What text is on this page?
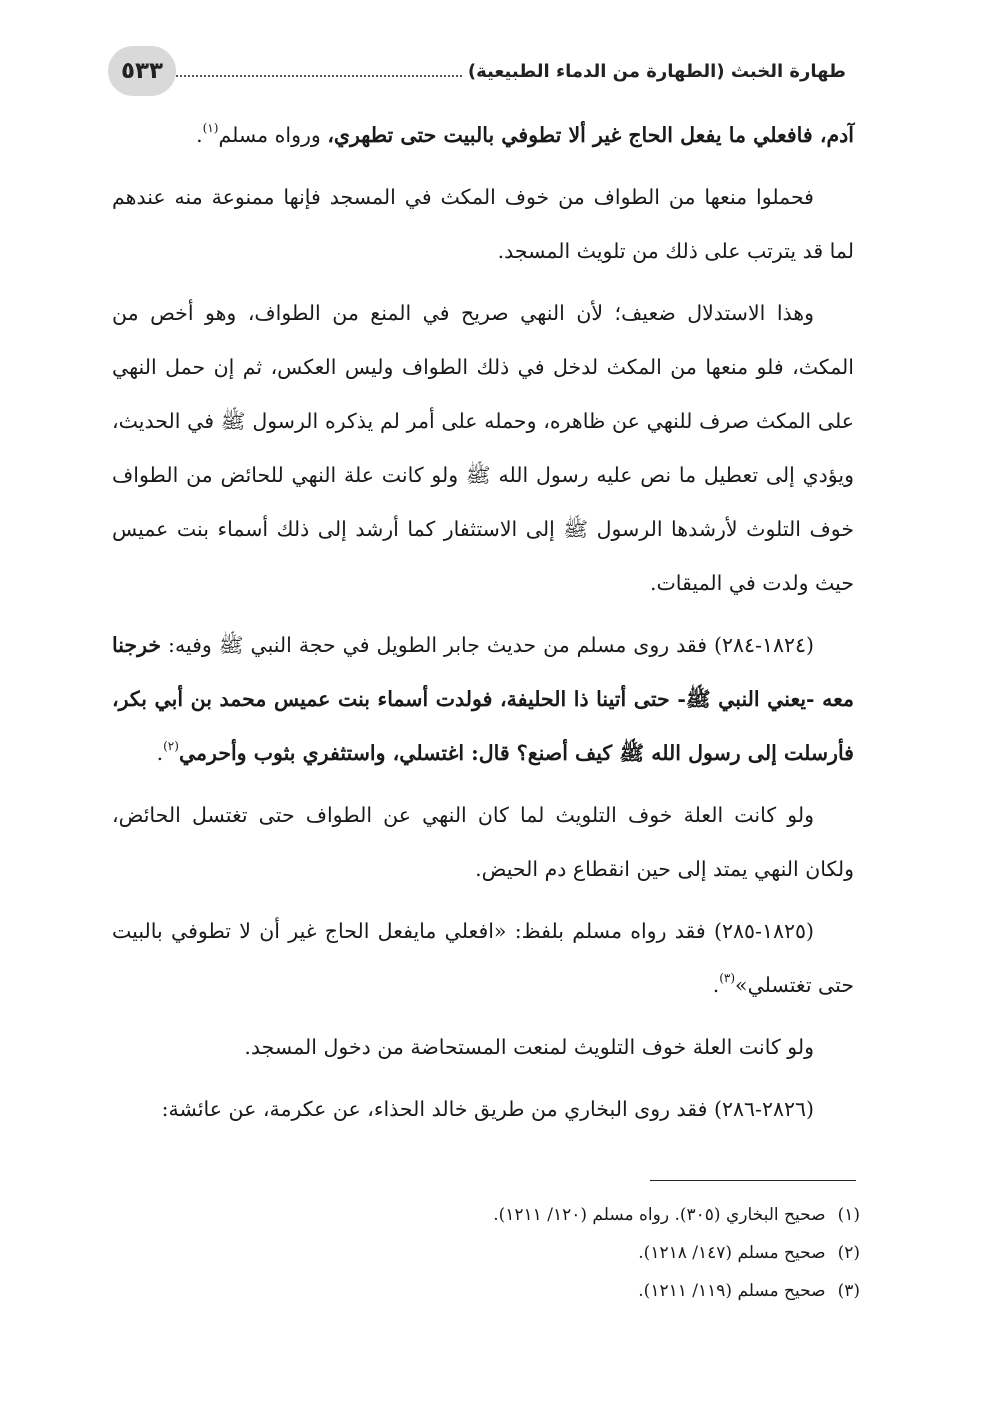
٥٣٣	طهارة الخبث (الطهارة من الدماء الطبيعية)

آدم، فافعلي ما يفعل الحاج غير ألا تطوفي بالبيت حتى تطهري، ورواه مسلم$^{(١)}$.

فحملوا منعها من الطواف من خوف المكث في المسجد فإنها ممنوعة منه عندهم لما قد يترتب على ذلك من تلويث المسجد.

وهذا الاستدلال ضعيف؛ لأن النهي صريح في المنع من الطواف، وهو أخص من المكث، فلو منعها من المكث لدخل في ذلك الطواف وليس العكس، ثم إن حمل النهي على المكث صرف للنهي عن ظاهره، وحمله على أمر لم يذكره الرسول ﷺ في الحديث، ويؤدي إلى تعطيل ما نص عليه رسول الله ﷺ ولو كانت علة النهي للحائض من الطواف خوف التلوث لأرشدها الرسول ﷺ إلى الاستثفار كما أرشد إلى ذلك أسماء بنت عميس حيث ولدت في الميقات.

(١٨٢٤-٢٨٤) فقد روى مسلم من حديث جابر الطويل في حجة النبي ﷺ وفيه: خرجنا معه -يعني النبي ﷺ- حتى أتينا ذا الحليفة، فولدت أسماء بنت عميس محمد بن أبي بكر، فأرسلت إلى رسول الله ﷺ كيف أصنع؟ قال: اغتسلي، واستثفري بثوب وأحرمي$^{(٢)}$.

ولو كانت العلة خوف التلويث لما كان النهي عن الطواف حتى تغتسل الحائض، ولكان النهي يمتد إلى حين انقطاع دم الحيض.

(١٨٢٥-٢٨٥) فقد رواه مسلم بلفظ: «افعلي مايفعل الحاج غير أن لا تطوفي بالبيت حتى تغتسلي»$^{(٣)}$.

ولو كانت العلة خوف التلويث لمنعت المستحاضة من دخول المسجد.

(٢٨٢٦-٢٨٦) فقد روى البخاري من طريق خالد الحذاء، عن عكرمة، عن عائشة:

(١)
صحيح البخاري (٣٠٥). رواه مسلم (١٢٠/ ١٢١١).
(٢)
صحيح مسلم (١٤٧/ ١٢١٨).
(٣)
صحيح مسلم (١١٩/ ١٢١١).
